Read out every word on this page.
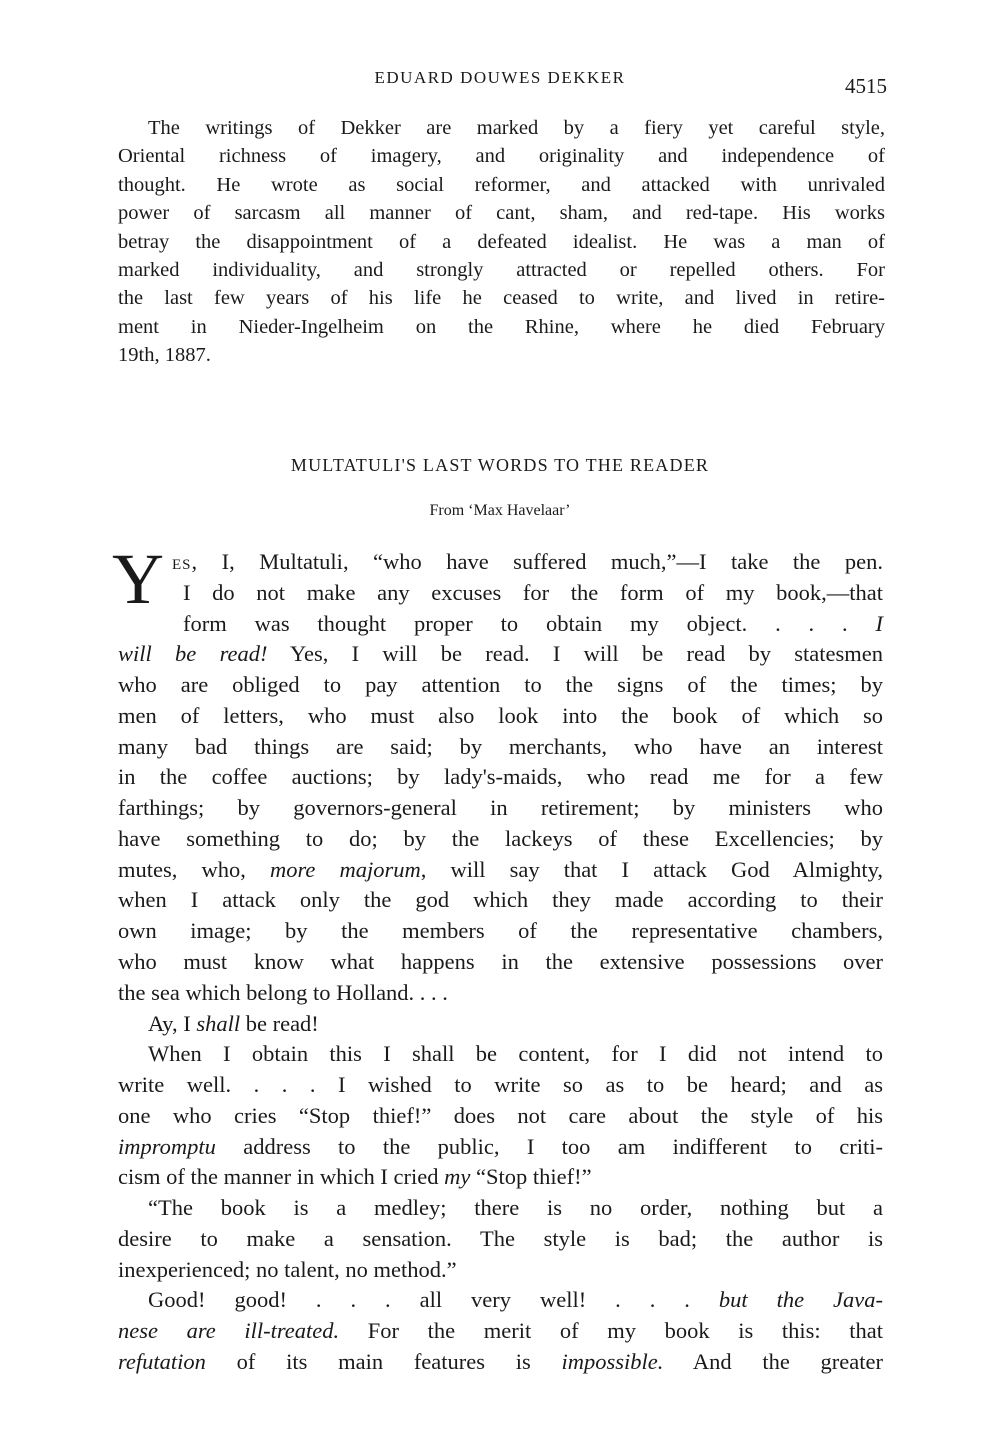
EDUARD DOUWES DEKKER	4515
The writings of Dekker are marked by a fiery yet careful style,
Oriental richness of imagery, and originality and independence of
thought. He wrote as social reformer, and attacked with unrivaled
power of sarcasm all manner of cant, sham, and red-tape. His works
betray the disappointment of a defeated idealist. He was a man of
marked individuality, and strongly attracted or repelled others. For
the last few years of his life he ceased to write, and lived in retire-
ment in Nieder-Ingelheim on the Rhine, where he died February
19th, 1887.
MULTATULI'S LAST WORDS TO THE READER
From ‘Max Havelaar’
Y ES, I, Multatuli, “who have suffered much,”—I take the pen.
I do not make any excuses for the form of my book,—that
form was thought proper to obtain my object. . . . I
will be read! Yes, I will be read. I will be read by statesmen
who are obliged to pay attention to the signs of the times; by
men of letters, who must also look into the book of which so
many bad things are said; by merchants, who have an interest
in the coffee auctions; by lady's-maids, who read me for a few
farthings; by governors-general in retirement; by ministers who
have something to do; by the lackeys of these Excellencies; by
mutes, who, more majorum, will say that I attack God Almighty,
when I attack only the god which they made according to their
own image; by the members of the representative chambers,
who must know what happens in the extensive possessions over
the sea which belong to Holland. . . .
Ay, I shall be read!
When I obtain this I shall be content, for I did not intend to
write well. . . . I wished to write so as to be heard; and as
one who cries “Stop thief!” does not care about the style of his
impromptu address to the public, I too am indifferent to criti-
cism of the manner in which I cried my “Stop thief!”
“The book is a medley; there is no order, nothing but a
desire to make a sensation. The style is bad; the author is
inexperienced; no talent, no method.”
Good! good! . . . all very well! . . . but the Java-
nese are ill-treated. For the merit of my book is this: that
refutation of its main features is impossible. And the greater
